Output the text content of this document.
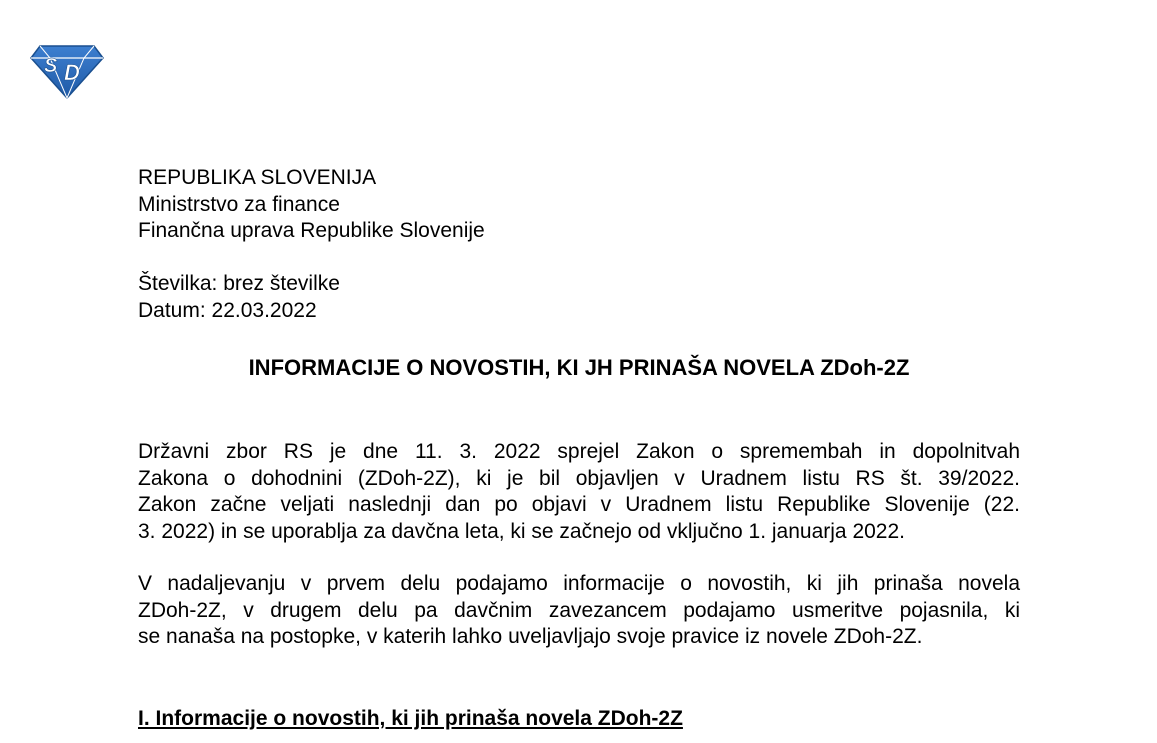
S D
REPUBLIKA SLOVENIJA
Ministrstvo za finance
Finančna uprava Republike Slovenije
Številka: brez številke
Datum: 22.03.2022
INFORMACIJE O NOVOSTIH, KI JH PRINAŠA NOVELA ZDoh-2Z
Državni zbor RS je dne 11. 3. 2022 sprejel Zakon o spremembah in dopolnitvah
Zakona o dohodnini (ZDoh-2Z), ki je bil objavljen v Uradnem listu RS št. 39/2022.
Zakon začne veljati naslednji dan po objavi v Uradnem listu Republike Slovenije (22.
3. 2022) in se uporablja za davčna leta, ki se začnejo od vključno 1. januarja 2022.
V nadaljevanju v prvem delu podajamo informacije o novostih, ki jih prinaša novela
ZDoh-2Z, v drugem delu pa davčnim zavezancem podajamo usmeritve pojasnila, ki
se nanaša na postopke, v katerih lahko uveljavljajo svoje pravice iz novele ZDoh-2Z.
I. Informacije o novostih, ki jih prinaša novela ZDoh-2Z
